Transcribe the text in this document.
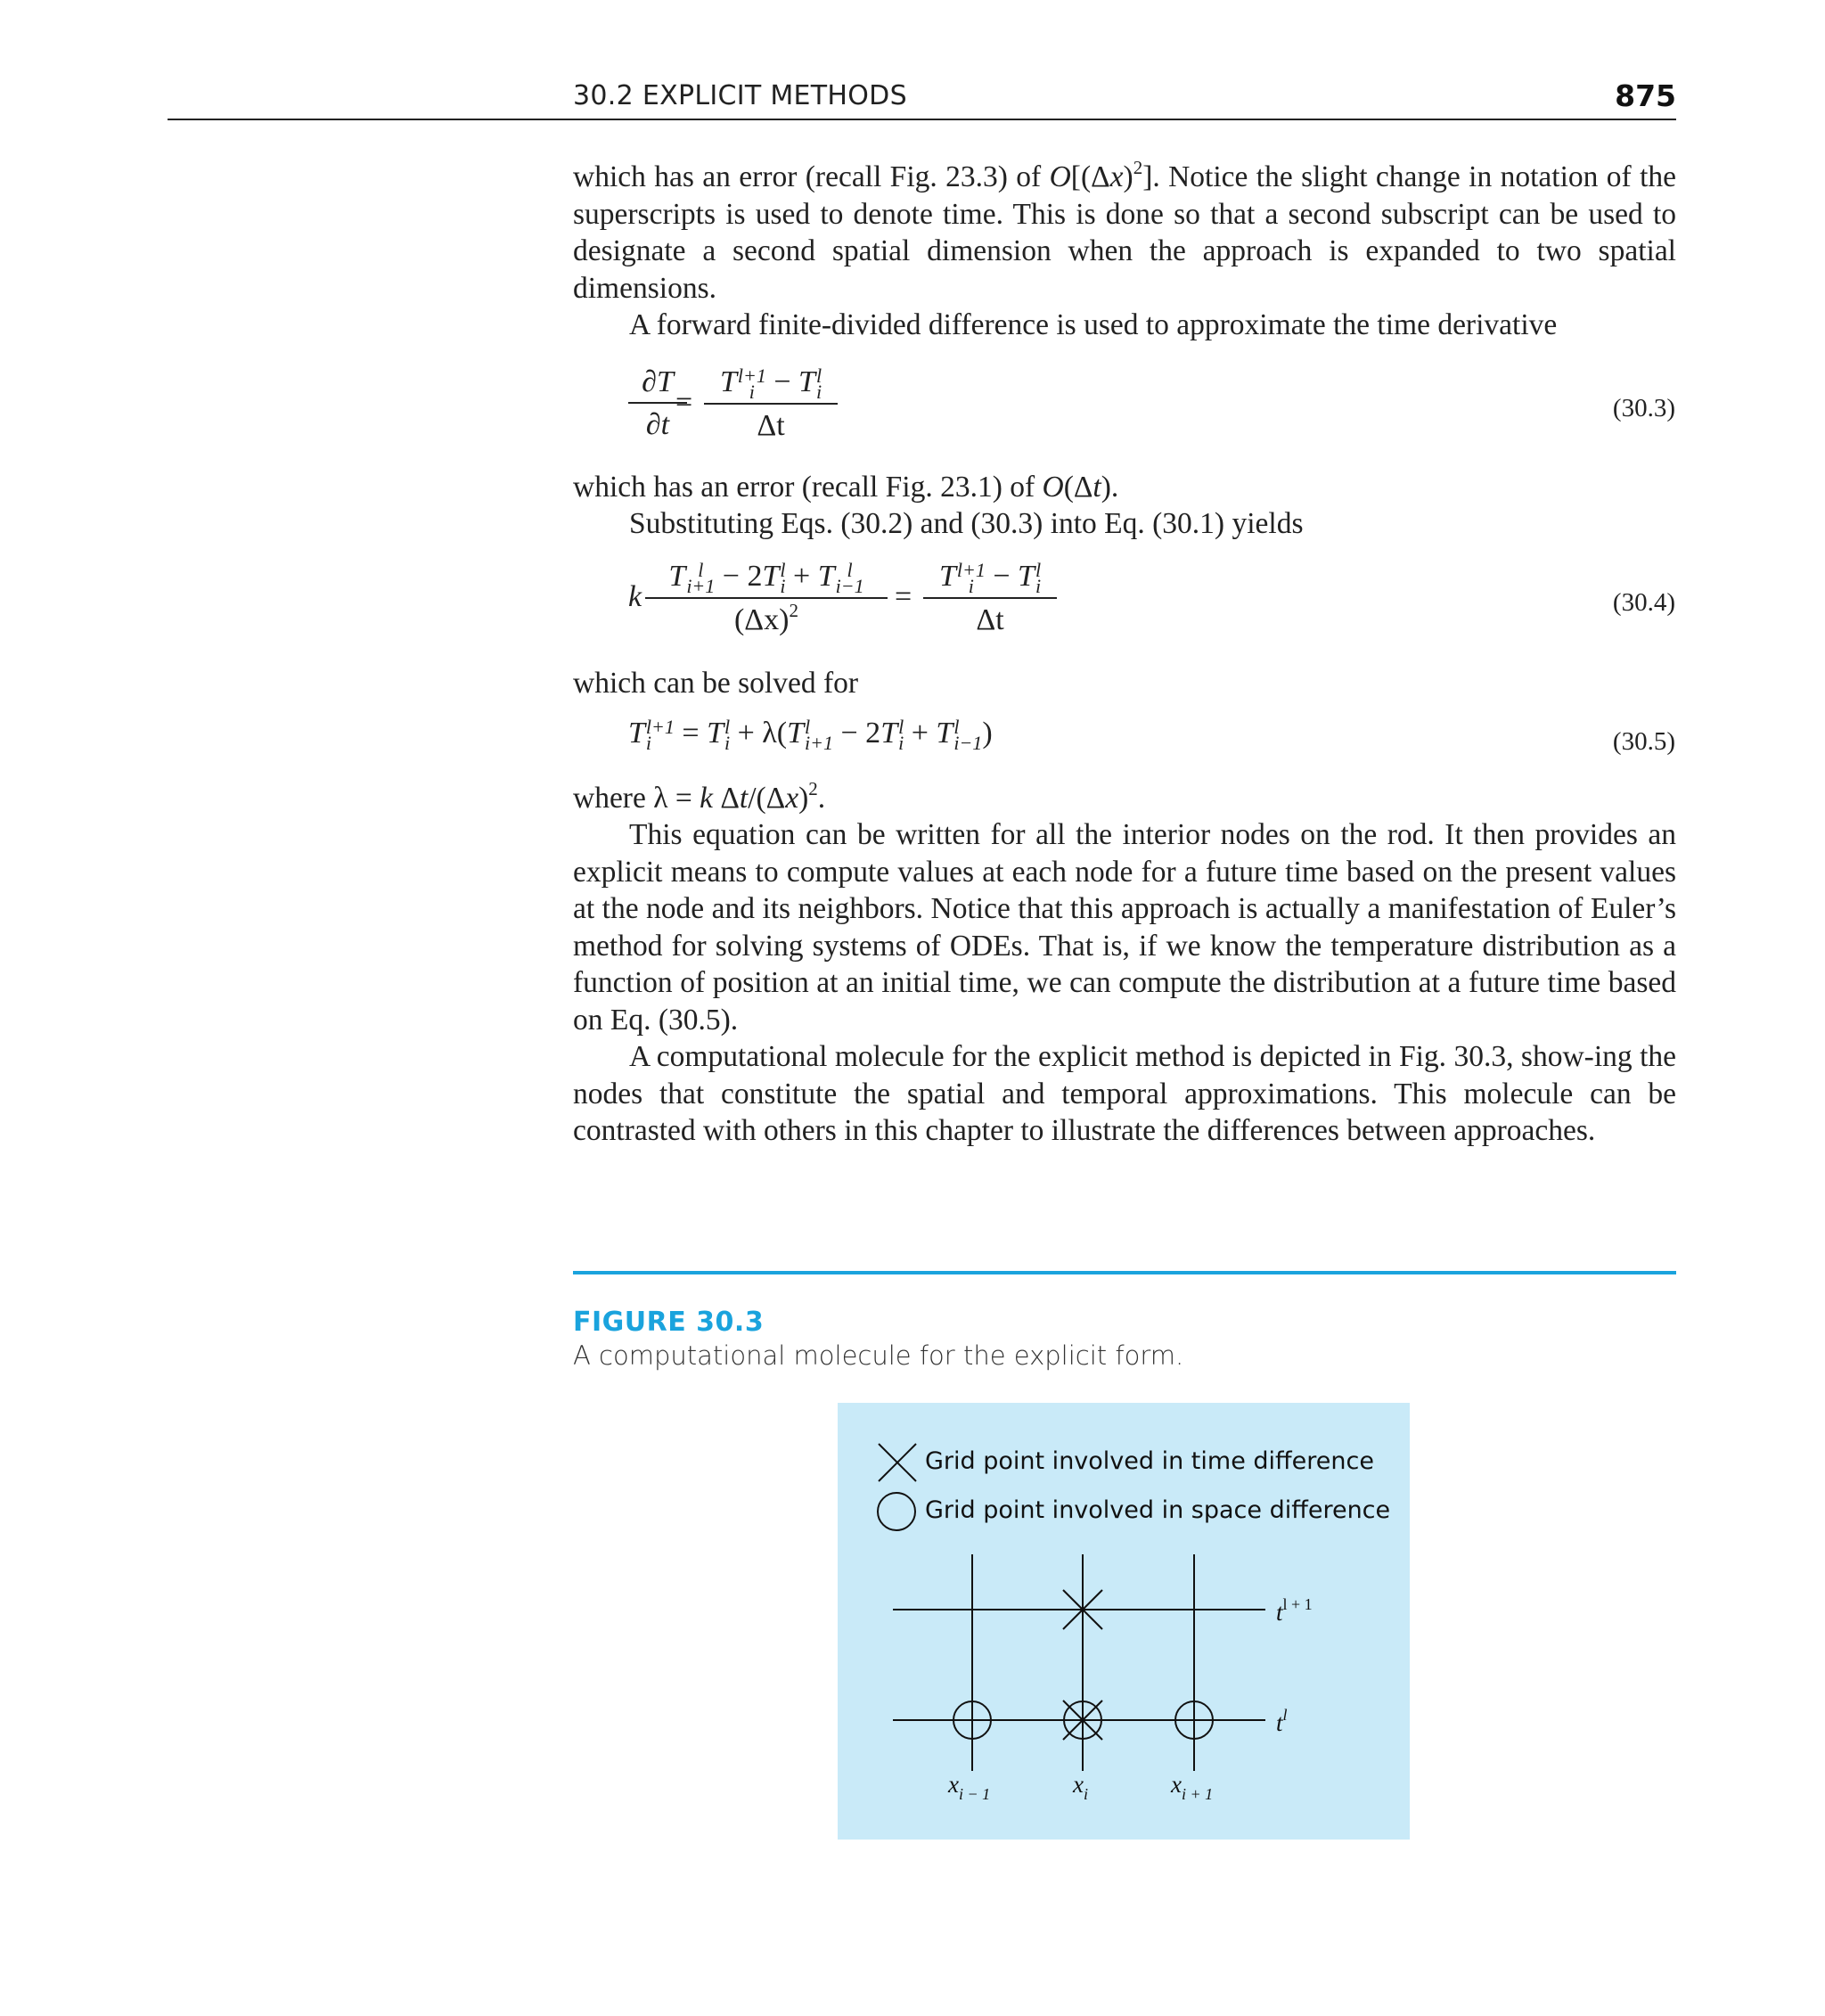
30.2 EXPLICIT METHODS	875

which has an error (recall Fig. 23.3) of $O[(\Delta x)^2]$. Notice the slight change in notation of the superscripts is used to denote time. This is done so that a second subscript can be used to designate a second spatial dimension when the approach is expanded to two spatial dimensions.

A forward finite-divided difference is used to approximate the time derivative
∂T
∂t
=
T l+1
i − T l
i
Δt
(30.3)

which has an error (recall Fig. 23.1) of O(Δt).

Substituting Eqs. (30.2) and (30.3) into Eq. (30.1) yields
k
T l
i+1 − 2T l
i + T l
i−1
$(\Delta x)^2$	=
T l+1
i − T l
i
Δt
(30.4)
which can be solved for
T l+1
i = T l
i + λ(T l
i+1 − 2T l
i + T l
i−1 )	(30.5)

where λ = k $\Delta t/(\Delta x)^2$.

This equation can be written for all the interior nodes on the rod. It then provides an explicit means to compute values at each node for a future time based on the present values at the node and its neighbors. Notice that this approach is actually a manifestation of Euler’s method for solving systems of ODEs. That is, if we know the temperature distribution as a function of position at an initial time, we can compute the distribution at a future time based on Eq. (30.5).
A computational molecule for the explicit method is depicted in Fig. 30.3, show-ing the nodes that constitute the spatial and temporal approximations. This molecule can be contrasted with others in this chapter to illustrate the differences between approaches.
FIGURE 30.3
A computational molecule for the explicit form.
$t^{l + 1}$
$t^l$
$x_{i - 1}$	$x_i$	$x_{i + 1}$
Grid point involved in time difference
Grid point involved in space difference
